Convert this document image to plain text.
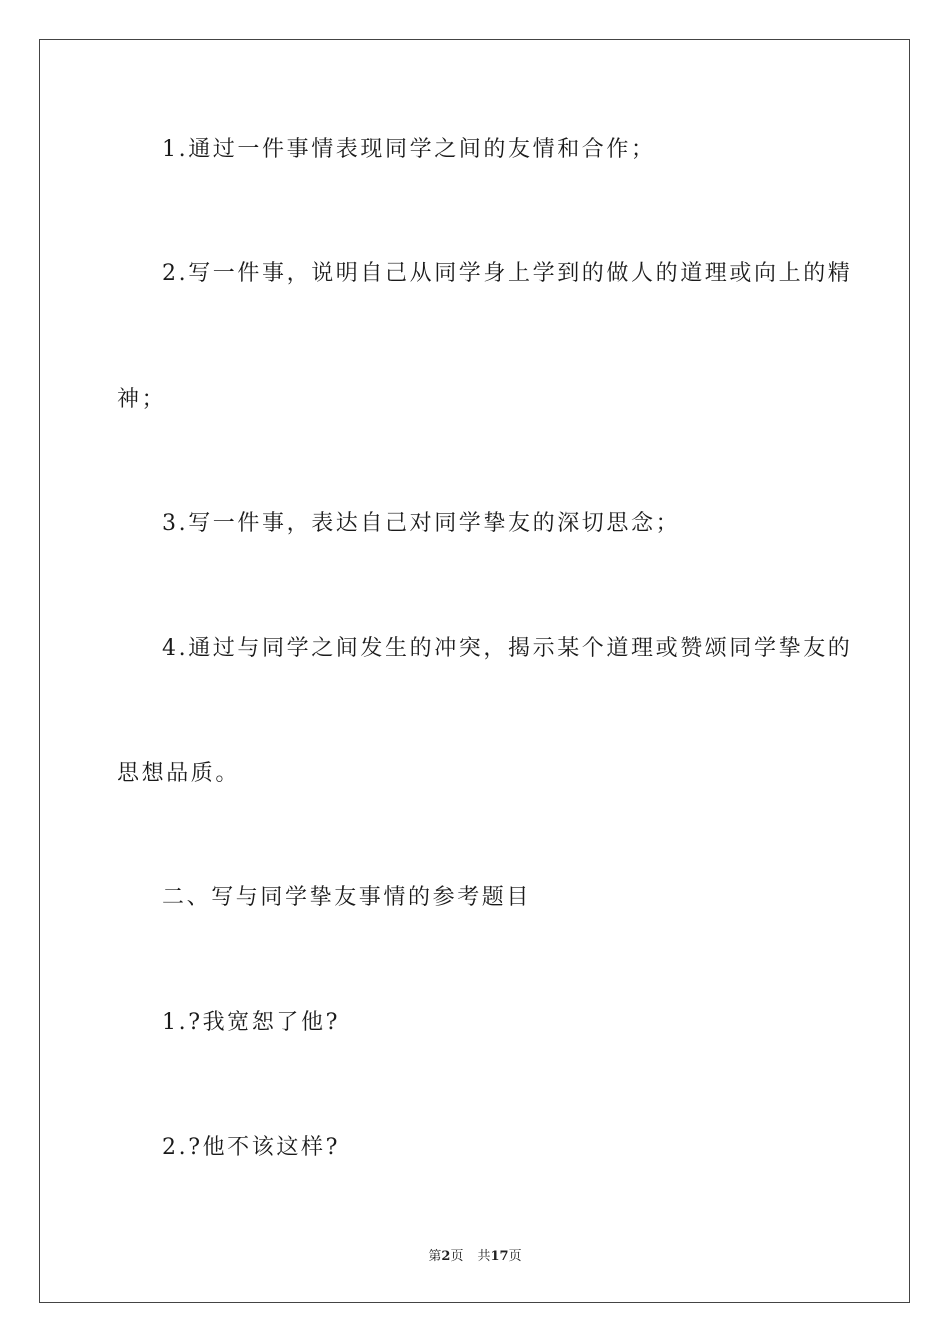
1.通过一件事情表现同学之间的友情和合作；
2.写一件事，说明自己从同学身上学到的做人的道理或向上的精
神；
3.写一件事，表达自己对同学挚友的深切思念；
4.通过与同学之间发生的冲突，揭示某个道理或赞颂同学挚友的
思想品质。
二、写与同学挚友事情的参考题目
1.?我宽恕了他?
2.?他不该这样?
第2页 共17页
